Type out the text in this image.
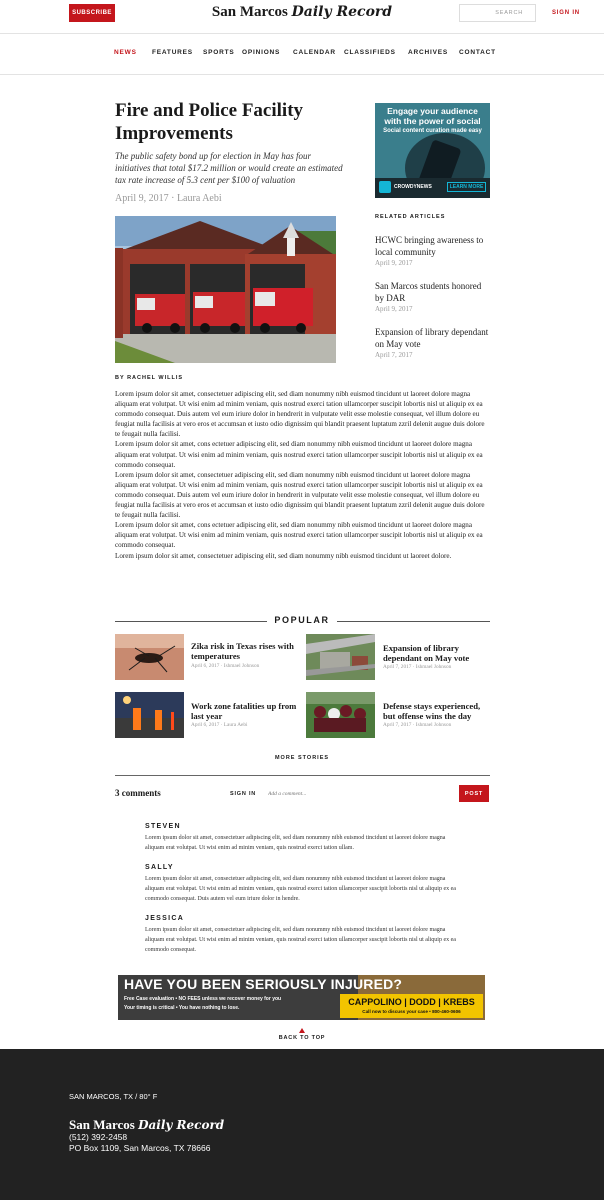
SUBSCRIBE	San Marcos Daily Record	SEARCH	SIGN IN
NEWS FEATURES SPORTS OPINIONS CALENDAR CLASSIFIEDS ARCHIVES CONTACT
Fire and Police Facility Improvements

The public safety bond up for election in May has four initiatives that total $17.2 million or would create an estimated tax rate increase of 5.3 cent per $100 of valuation

April 9, 2017 · Laura Aebi
BY RACHEL WILLIS

Lorem ipsum dolor sit amet, consectetuer adipiscing elit, sed diam nonummy nibh euismod tincidunt ut laoreet dolore magna aliquam erat volutpat. Ut wisi enim ad minim veniam, quis nostrud exerci tation ullamcorper suscipit lobortis nisl ut aliquip ex ea commodo consequat. Duis autem vel eum iriure dolor in hendrerit in vulputate velit esse molestie consequat, vel illum dolore eu feugiat nulla facilisis at vero eros et accumsan et iusto odio dignissim qui blandit praesent luptatum zzril delenit augue duis dolore te feugait nulla facilisi.

Lorem ipsum dolor sit amet, cons ectetuer adipiscing elit, sed diam nonummy nibh euismod tincidunt ut laoreet dolore magna aliquam erat volutpat. Ut wisi enim ad minim veniam, quis nostrud exerci tation ullamcorper suscipit lobortis nisl ut aliquip ex ea commodo consequat.

Lorem ipsum dolor sit amet, consectetuer adipiscing elit, sed diam nonummy nibh euismod tincidunt ut laoreet dolore magna aliquam erat volutpat. Ut wisi enim ad minim veniam, quis nostrud exerci tation ullamcorper suscipit lobortis nisl ut aliquip ex ea commodo consequat. Duis autem vel eum iriure dolor in hendrerit in vulputate velit esse molestie consequat, vel illum dolore eu feugiat nulla facilisis at vero eros et accumsan et iusto odio dignissim qui blandit praesent luptatum zzril delenit augue duis dolore te feugait nulla facilisi.

Lorem ipsum dolor sit amet, cons ectetuer adipiscing elit, sed diam nonummy nibh euismod tincidunt ut laoreet dolore magna aliquam erat volutpat. Ut wisi enim ad minim veniam, quis nostrud exerci tation ullamcorper suscipit lobortis nisl ut aliquip ex ea commodo consequat.

Lorem ipsum dolor sit amet, consectetuer adipiscing elit, sed diam nonummy nibh euismod tincidunt ut laoreet dolore.

Engage your audience
with the power of social
Social content curation made easy
CROWDYNEWS	LEARN MORE
RELATED ARTICLES
HCWC bringing awareness to local community
April 9, 2017
San Marcos students honored by DAR
April 9, 2017
Expansion of library dependant on May vote
April 7, 2017
POPULAR
Zika risk in Texas rises with temperatures
April 6, 2017 · Ishmael Johnson
Expansion of library dependant on May vote
April 7, 2017 · Ishmael Johnson
Work zone fatalities up from last year
April 6, 2017 · Laura Aebi
Defense stays experienced, but offense wins the day
April 7, 2017 · Ishmael Johnson
MORE STORIES
3 comments	SIGN IN
Add a comment...	POST
STEVEN
Lorem ipsum dolor sit amet, consectetuer adipiscing elit, sed diam nonummy nibh euismod tincidunt ut laoreet dolore magna aliquam erat volutpat. Ut wisi enim ad minim veniam, quis nostrud exerci tation ullam.
SALLY
Lorem ipsum dolor sit amet, consectetuer adipiscing elit, sed diam nonummy nibh euismod tincidunt ut laoreet dolore magna aliquam erat volutpat. Ut wisi enim ad minim veniam, quis nostrud exerci tation ullamcorper suscipit lobortis nisl ut aliquip ex ea commodo consequat. Duis autem vel eum iriure dolor in hendre.
JESSICA
Lorem ipsum dolor sit amet, consectetuer adipiscing elit, sed diam nonummy nibh euismod tincidunt ut laoreet dolore magna aliquam erat volutpat. Ut wisi enim ad minim veniam, quis nostrud exerci tation ullamcorper suscipit lobortis nisl ut aliquip ex ea commodo consequat.
HAVE YOU BEEN SERIOUSLY INJURED?
Free Case evaluation • NO FEES unless we recover money for you
Your timing is critical • You have nothing to lose.
CAPPOLINO | DODD | KREBS
Call now to discuss your case • 800-460-0606
BACK TO TOP
SAN MARCOS, TX / 80° F
San Marcos Daily Record
(512) 392-2458
PO Box 1109, San Marcos, TX 78666
